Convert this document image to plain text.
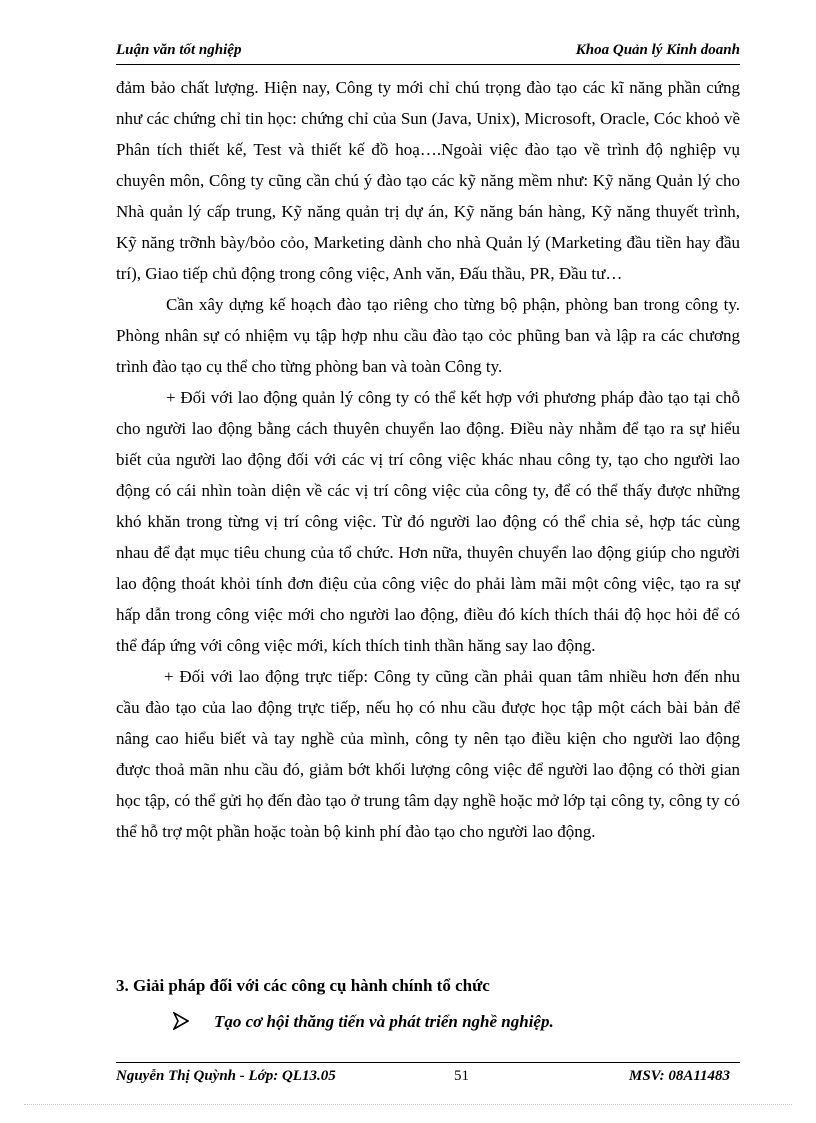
Luận văn tốt nghiệp	Khoa Quản lý Kinh doanh

đảm bảo chất lượng. Hiện nay, Công ty mới chỉ chú trọng đào tạo các kĩ năng phần cứng như các chứng chỉ tin học: chứng chỉ của Sun (Java, Unix), Microsoft, Oracle, Cóc khoỏ về Phân tích thiết kế, Test và thiết kế đồ hoạ….Ngoài việc đào tạo về trình độ nghiệp vụ chuyên môn, Công ty cũng cần chú ý đào tạo các kỹ năng mềm như: Kỹ năng Quản lý cho Nhà quản lý cấp trung, Kỹ năng quản trị dự án, Kỹ năng bán hàng, Kỹ năng thuyết trình, Kỹ năng trỡnh bày/bỏo cỏo, Marketing dành cho nhà Quản lý (Marketing đầu tiền hay đầu trí), Giao tiếp chủ động trong công việc, Anh văn, Đấu thầu, PR, Đầu tư…

Cần xây dựng kế hoạch đào tạo riêng cho từng bộ phận, phòng ban trong công ty. Phòng nhân sự có nhiệm vụ tập hợp nhu cầu đào tạo cỏc phũng ban và lập ra các chương trình đào tạo cụ thể cho từng phòng ban và toàn Công ty.

+ Đối với lao động quản lý công ty có thể kết hợp với phương pháp đào tạo tại chỗ cho người lao động bằng cách thuyên chuyển lao động. Điều này nhằm để tạo ra sự hiểu biết của người lao động đối với các vị trí công việc khác nhau công ty, tạo cho người lao động có cái nhìn toàn diện về các vị trí công việc của công ty, để có thể thấy được những khó khăn trong từng vị trí công việc. Từ đó người lao động có thể chia sẻ, hợp tác cùng nhau để đạt mục tiêu chung của tổ chức. Hơn nữa, thuyên chuyển lao động giúp cho người lao động thoát khỏi tính đơn điệu của công việc do phải làm mãi một công việc, tạo ra sự hấp dẫn trong công việc mới cho người lao động, điều đó kích thích thái độ học hỏi để có thể đáp ứng với công việc mới, kích thích tinh thần hăng say lao động.

+ Đối với lao động trực tiếp: Công ty cũng cần phải quan tâm nhiều hơn đến nhu cầu đào tạo của lao động trực tiếp, nếu họ có nhu cầu được học tập một cách bài bản để nâng cao hiểu biết và tay nghề của mình, công ty nên tạo điều kiện cho người lao động được thoả mãn nhu cầu đó, giảm bớt khối lượng công việc để người lao động có thời gian học tập, có thể gửi họ đến đào tạo ở trung tâm dạy nghề hoặc mở lớp tại công ty, công ty có thể hỗ trợ một phần hoặc toàn bộ kinh phí đào tạo cho người lao động.

3. Giải pháp đối với các công cụ hành chính tổ chức
Tạo cơ hội thăng tiến và phát triển nghề nghiệp.
Nguyễn Thị Quỳnh - Lớp: QL13.05	51	MSV: 08A11483
